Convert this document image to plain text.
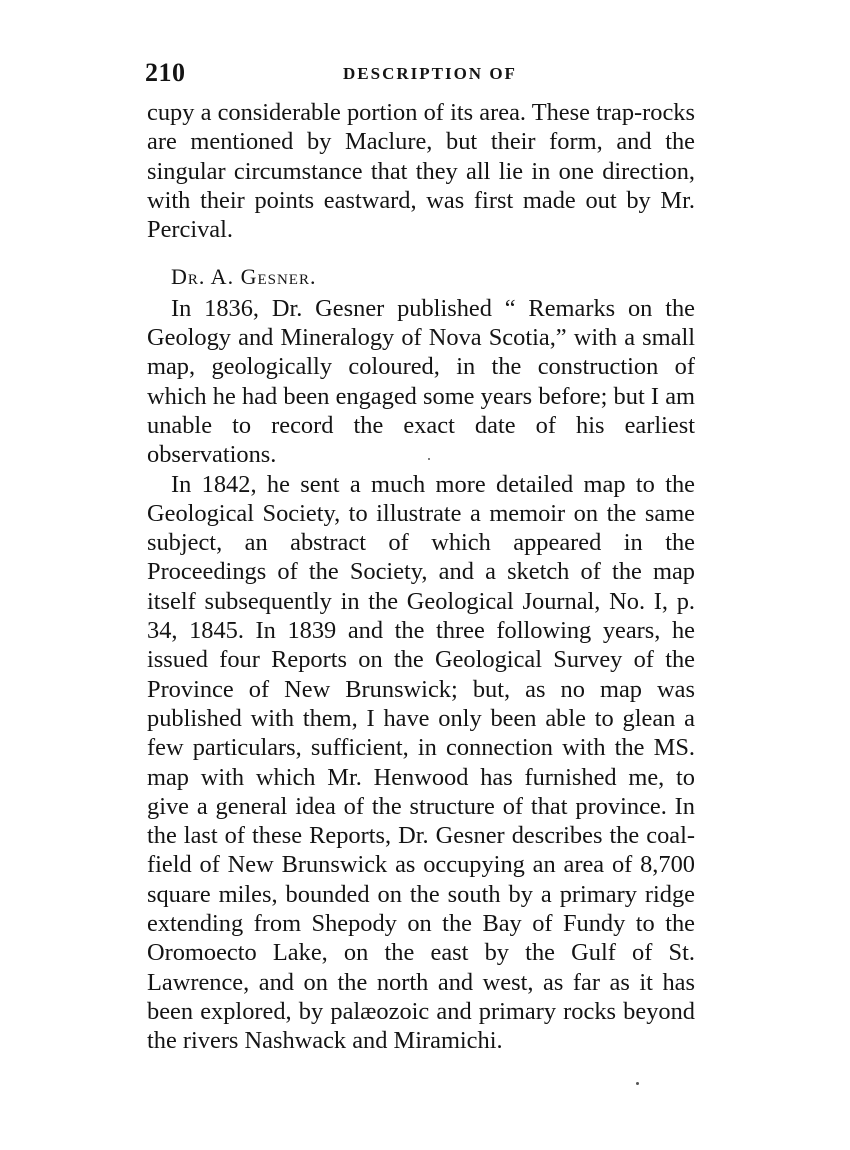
210	DESCRIPTION OF

cupy a considerable portion of its area. These trap-rocks are mentioned by Maclure, but their form, and the singular circumstance that they all lie in one direction, with their points eastward, was first made out by Mr. Percival.

Dr. A. Gesner.

In 1836, Dr. Gesner published “ Remarks on the Geology and Mineralogy of Nova Scotia,” with a small map, geologically coloured, in the construction of which he had been engaged some years before; but I am unable to record the exact date of his earliest observations.

In 1842, he sent a much more detailed map to the Geological Society, to illustrate a memoir on the same subject, an abstract of which appeared in the Proceedings of the Society, and a sketch of the map itself subsequently in the Geological Journal, No. I, p. 34, 1845. In 1839 and the three following years, he issued four Reports on the Geological Survey of the Province of New Brunswick; but, as no map was published with them, I have only been able to glean a few particulars, sufficient, in connection with the MS. map with which Mr. Henwood has furnished me, to give a general idea of the structure of that province. In the last of these Reports, Dr. Gesner describes the coal-field of New Brunswick as occupying an area of 8,700 square miles, bounded on the south by a primary ridge extending from Shepody on the Bay of Fundy to the Oromoecto Lake, on the east by the Gulf of St. Lawrence, and on the north and west, as far as it has been explored, by palæozoic and primary rocks beyond the rivers Nashwack and Miramichi.
